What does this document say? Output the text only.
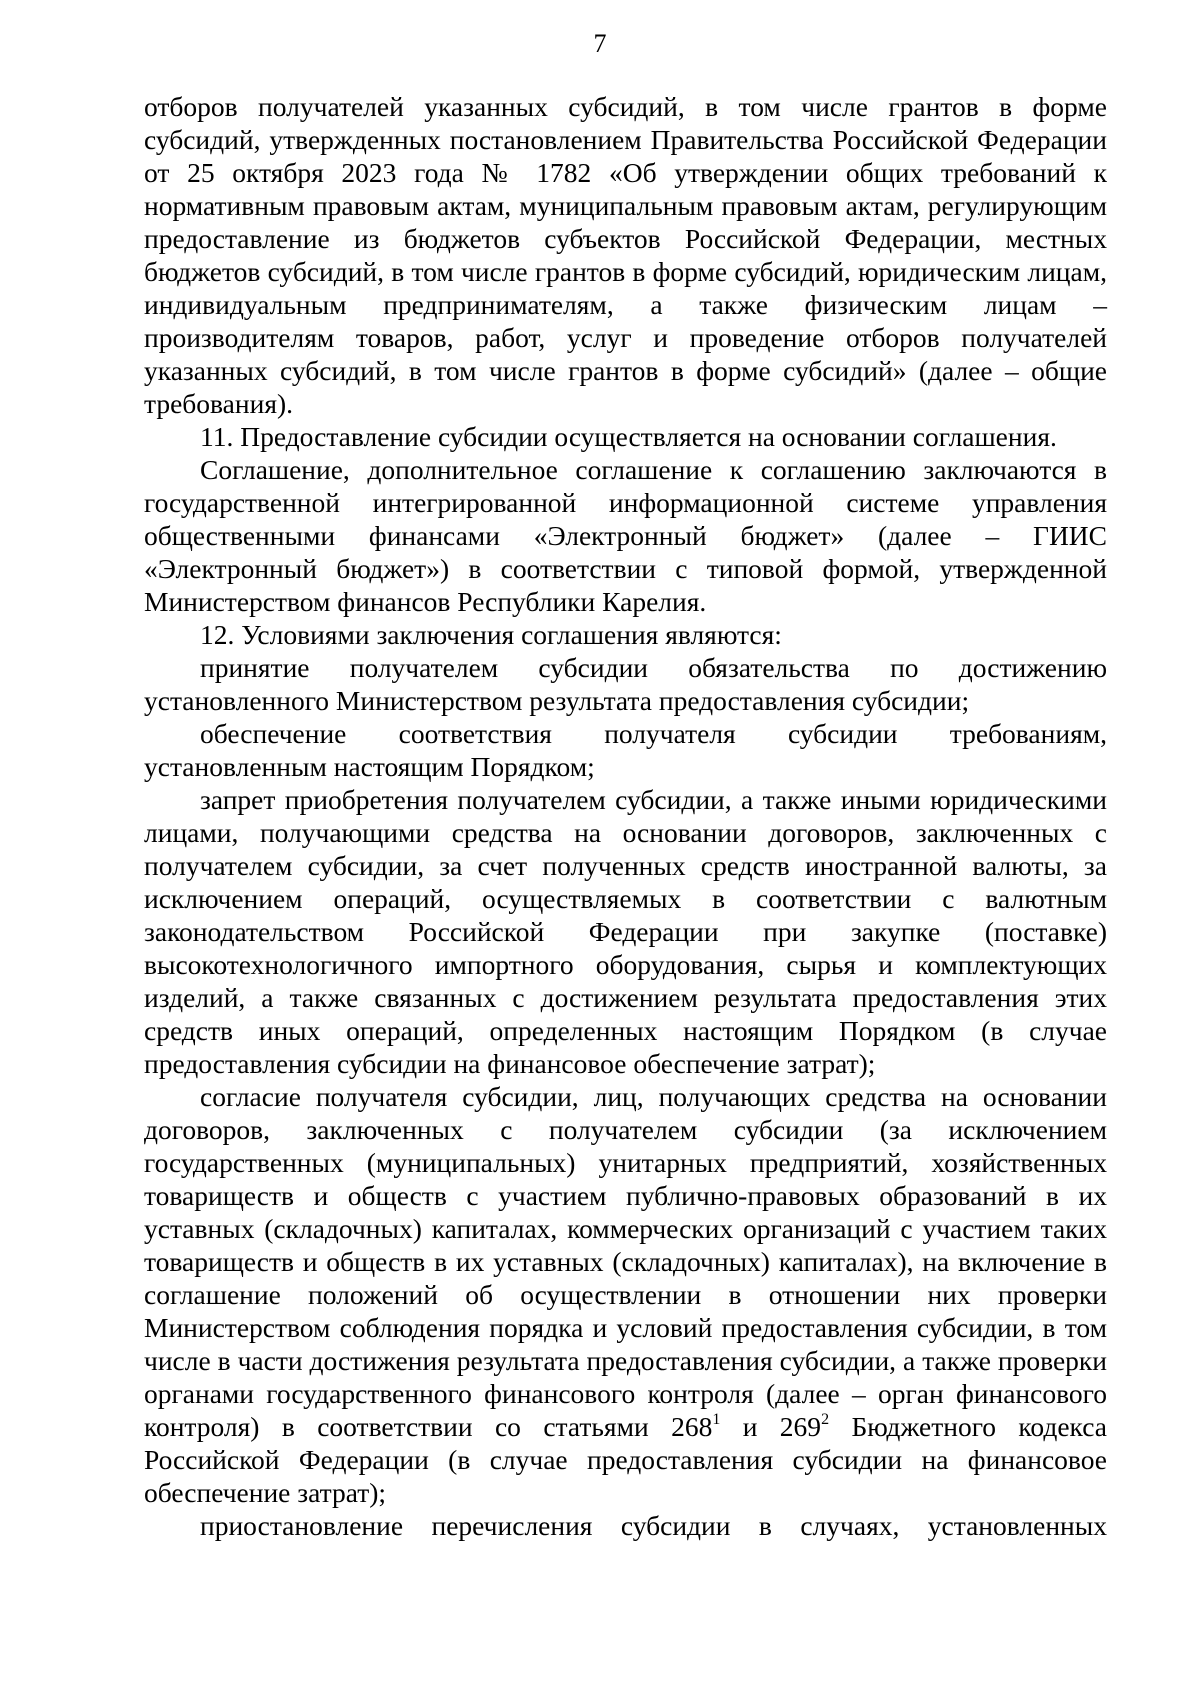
7

отборов получателей указанных субсидий, в том числе грантов в форме субсидий, утвержденных постановлением Правительства Российской Федерации от 25 октября 2023 года № 1782 «Об утверждении общих требований к нормативным правовым актам, муниципальным правовым актам, регулирующим предоставление из бюджетов субъектов Российской Федерации, местных бюджетов субсидий, в том числе грантов в форме субсидий, юридическим лицам, индивидуальным предпринимателям, а также физическим лицам – производителям товаров, работ, услуг и проведение отборов получателей указанных субсидий, в том числе грантов в форме субсидий» (далее – общие требования).

11. Предоставление субсидии осуществляется на основании соглашения.

Соглашение, дополнительное соглашение к соглашению заключаются в государственной интегрированной информационной системе управления общественными финансами «Электронный бюджет» (далее – ГИИС «Электронный бюджет») в соответствии с типовой формой, утвержденной Министерством финансов Республики Карелия.

12. Условиями заключения соглашения являются:

принятие получателем субсидии обязательства по достижению установленного Министерством результата предоставления субсидии;

обеспечение соответствия получателя субсидии требованиям, установленным настоящим Порядком;

запрет приобретения получателем субсидии, а также иными юридическими лицами, получающими средства на основании договоров, заключенных с получателем субсидии, за счет полученных средств иностранной валюты, за исключением операций, осуществляемых в соответствии с валютным законодательством Российской Федерации при закупке (поставке) высокотехнологичного импортного оборудования, сырья и комплектующих изделий, а также связанных с достижением результата предоставления этих средств иных операций, определенных настоящим Порядком (в случае предоставления субсидии на финансовое обеспечение затрат);

согласие получателя субсидии, лиц, получающих средства на основании договоров, заключенных с получателем субсидии (за исключением государственных (муниципальных) унитарных предприятий, хозяйственных товариществ и обществ с участием публично-правовых образований в их уставных (складочных) капиталах, коммерческих организаций с участием таких товариществ и обществ в их уставных (складочных) капиталах), на включение в соглашение положений об осуществлении в отношении них проверки Министерством соблюдения порядка и условий предоставления субсидии, в том числе в части достижения результата предоставления субсидии, а также проверки органами государственного финансового контроля (далее – орган финансового контроля) в соответствии со статьями $268^1$ и $269^2$ Бюджетного кодекса Российской Федерации (в случае предоставления субсидии на финансовое обеспечение затрат);

приостановление перечисления субсидии в случаях, установленных
